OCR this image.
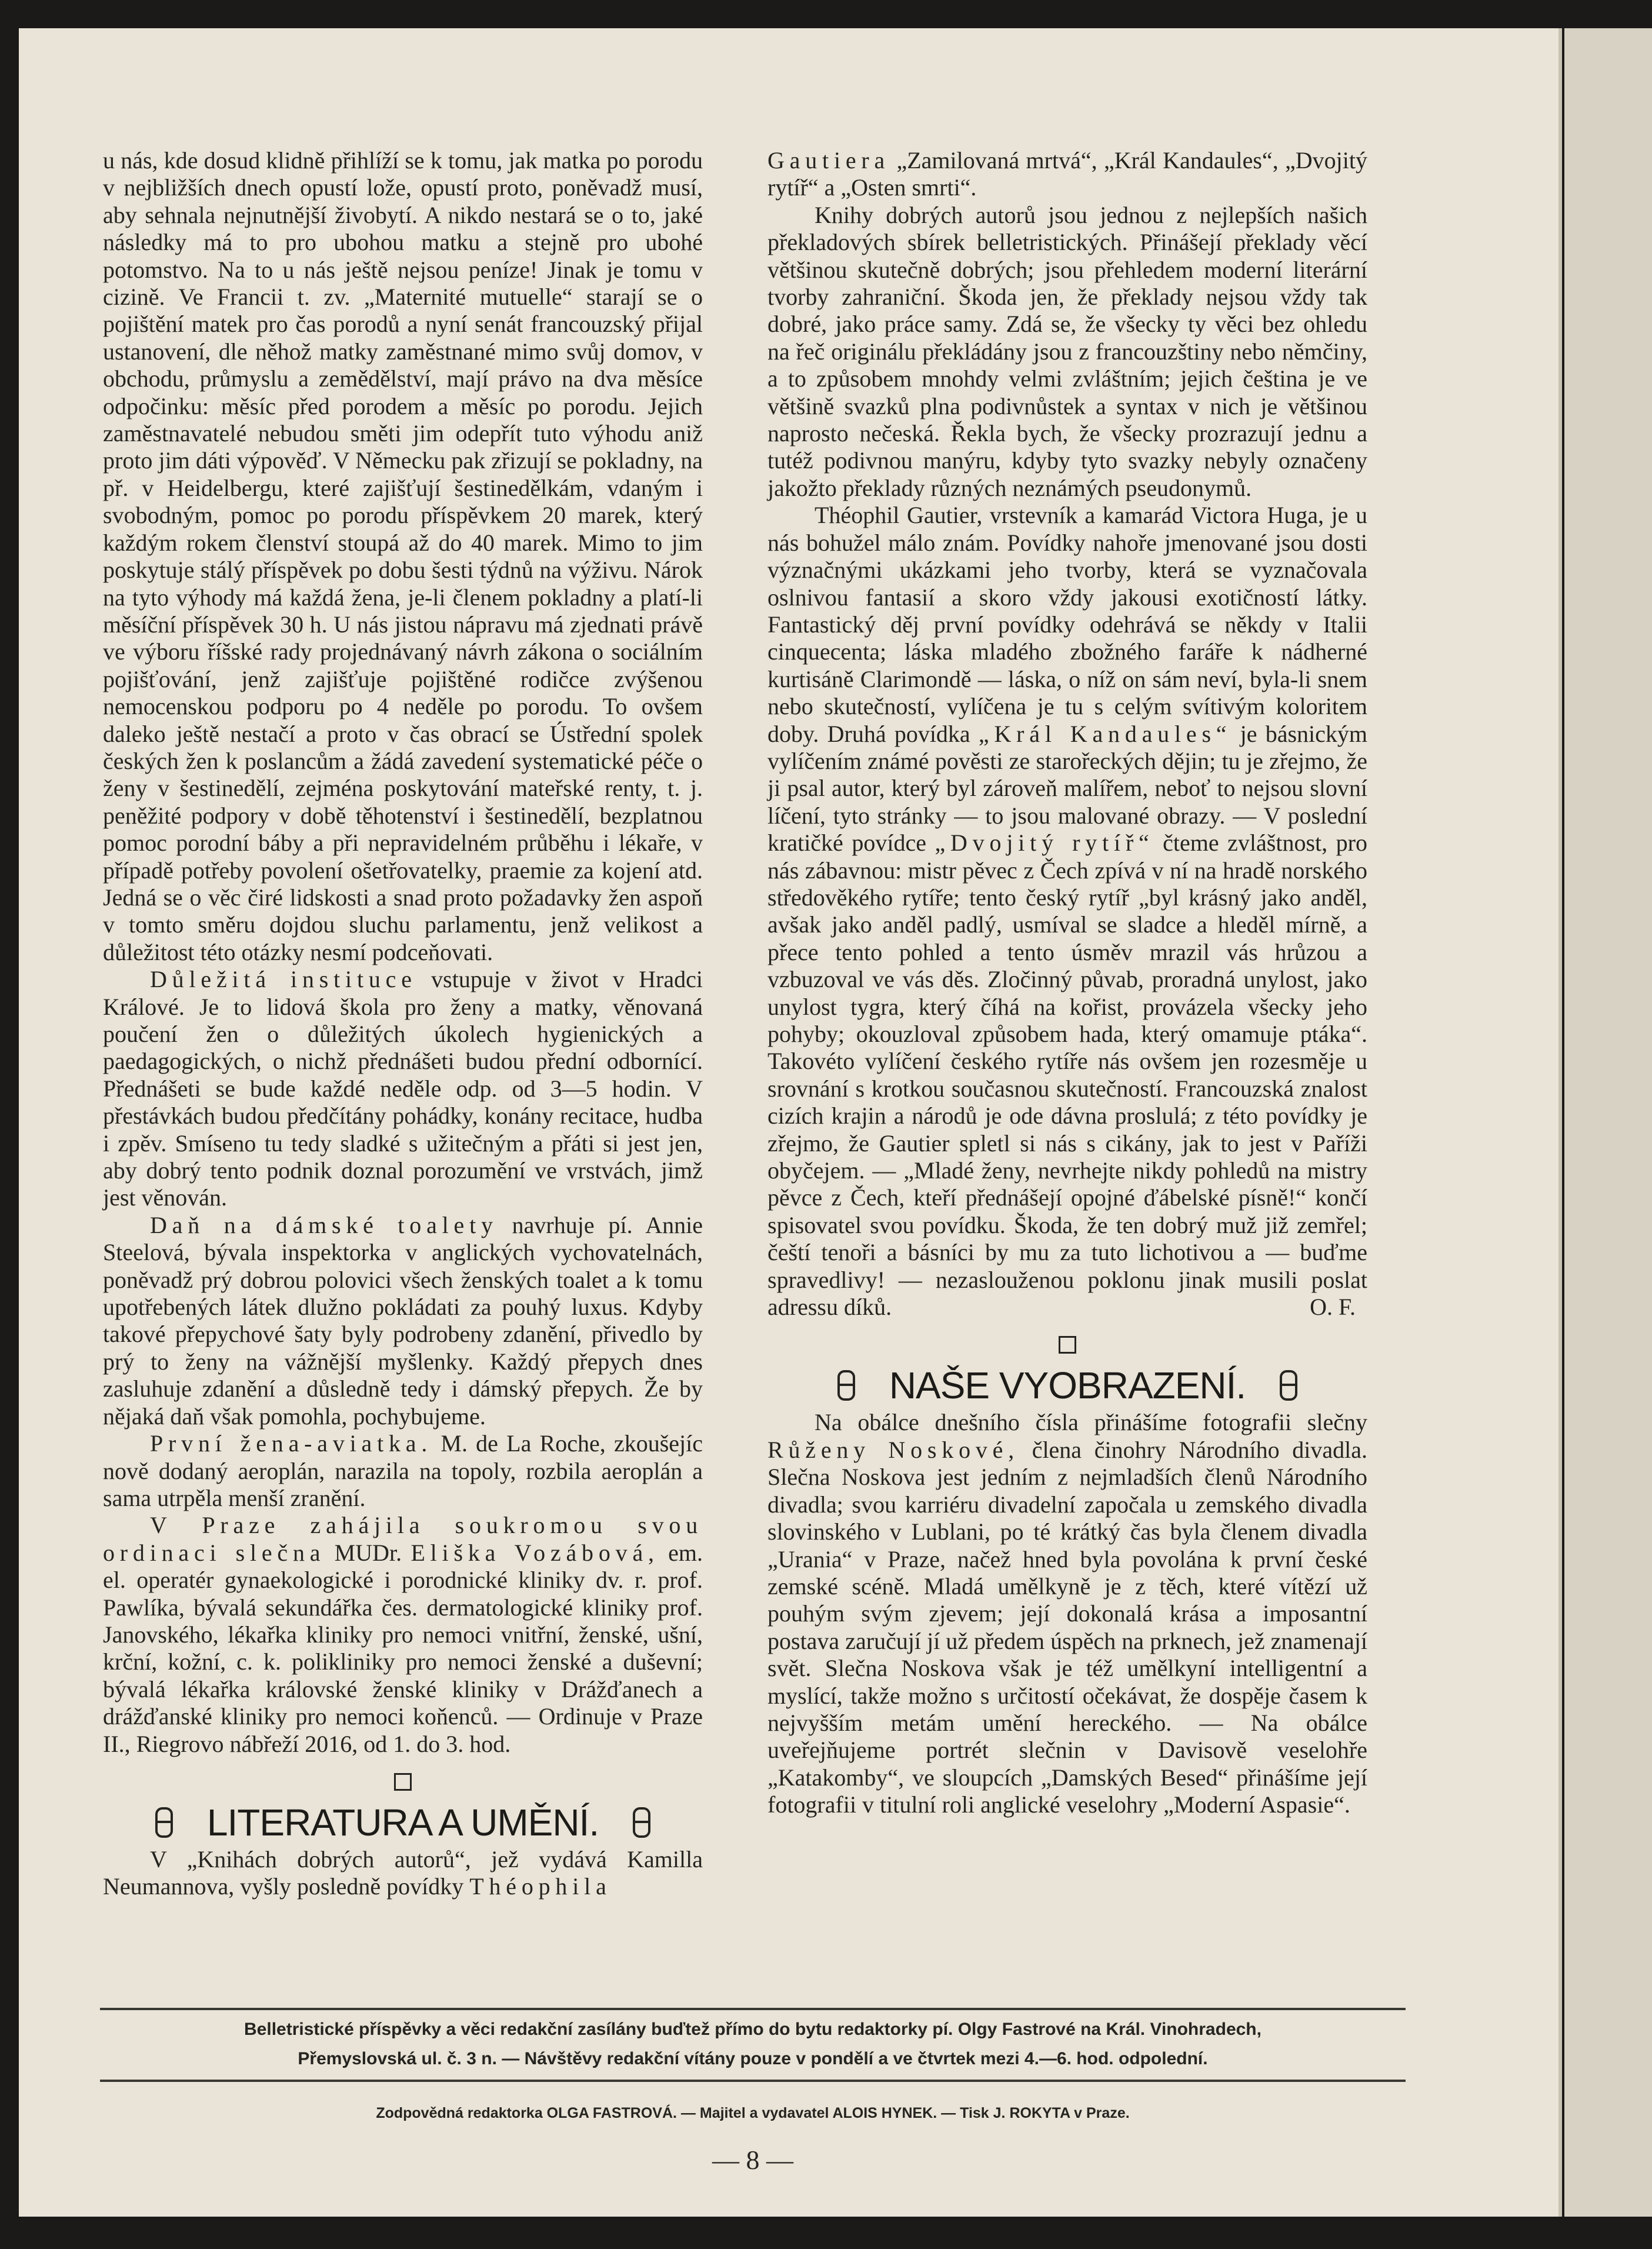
u nás, kde dosud klidně přihlíží se k tomu, jak matka po porodu v nejbližších dnech opustí lože, opustí proto, poněvadž musí, aby sehnala nejnutnější živobytí. A nikdo nestará se o to, jaké následky má to pro ubohou matku a stejně pro ubohé potomstvo. Na to u nás ještě nejsou peníze! Jinak je tomu v cizině. Ve Francii t. zv. „Maternité mutuelle“ starají se o pojištění matek pro čas porodů a nyní senát francouzský přijal ustanovení, dle něhož matky zaměstnané mimo svůj domov, v obchodu, průmyslu a zemědělství, mají právo na dva měsíce odpočinku: měsíc před porodem a měsíc po porodu. Jejich zaměstnavatelé nebudou směti jim odepřít tuto výhodu aniž proto jim dáti výpověď. V Německu pak zřizují se pokladny, na př. v Heidelbergu, které zajišťují šestinedělkám, vdaným i svobodným, pomoc po porodu příspěvkem 20 marek, který každým rokem členství stoupá až do 40 marek. Mimo to jim poskytuje stálý příspěvek po dobu šesti týdnů na výživu. Nárok na tyto výhody má každá žena, je-li členem pokladny a platí-li měsíční příspěvek 30 h. U nás jistou nápravu má zjednati právě ve výboru říšské rady projednávaný návrh zákona o sociálním pojišťování, jenž zajišťuje pojištěné rodičce zvýšenou nemocenskou podporu po 4 neděle po porodu. To ovšem daleko ještě nestačí a proto v čas obrací se Ústřední spolek českých žen k poslancům a žádá zavedení systematické péče o ženy v šestinedělí, zejména poskytování mateřské renty, t. j. peněžité podpory v době těhotenství i šestinedělí, bezplatnou pomoc porodní báby a při nepravidelném průběhu i lékaře, v případě potřeby povolení ošetřovatelky, praemie za kojení atd. Jedná se o věc čiré lidskosti a snad proto požadavky žen aspoň v tomto směru dojdou sluchu parlamentu, jenž velikost a důležitost této otázky nesmí podceňovati.

Důležitá instituce vstupuje v život v Hradci Králové. Je to lidová škola pro ženy a matky, věnovaná poučení žen o důležitých úkolech hygienických a paedagogických, o nichž přednášeti budou přední odbornící. Přednášeti se bude každé neděle odp. od 3—5 hodin. V přestávkách budou předčítány pohádky, konány recitace, hudba i zpěv. Smíseno tu tedy sladké s užitečným a přáti si jest jen, aby dobrý tento podnik doznal porozumění ve vrstvách, jimž jest věnován.

Daň na dámské toalety navrhuje pí. Annie Steelová, bývala inspektorka v anglických vychovatelnách, poněvadž prý dobrou polovici všech ženských toalet a k tomu upotřebených látek dlužno pokládati za pouhý luxus. Kdyby takové přepychové šaty byly podrobeny zdanění, přivedlo by prý to ženy na vážnější myšlenky. Každý přepych dnes zasluhuje zdanění a důsledně tedy i dámský přepych. Že by nějaká daň však pomohla, pochybujeme.

První žena-aviatka. M. de La Roche, zkoušejíc nově dodaný aeroplán, narazila na topoly, rozbila aeroplán a sama utrpěla menší zranění.

V Praze zahájila soukromou svou ordinaci slečna MUDr. Eliška Vozábová, em. el. operatér gynaekologické i porodnické kliniky dv. r. prof. Pawlíka, bývalá sekundářka čes. dermatologické kliniky prof. Janovského, lékařka kliniky pro nemoci vnitřní, ženské, ušní, krční, kožní, c. k. polikliniky pro nemoci ženské a duševní; bývalá lékařka královské ženské kliniky v Drážďanech a drážďanské kliniky pro nemoci koňenců. — Ordinuje v Praze II., Riegrovo nábřeží 2016, od 1. do 3. hod.

LITERATURA A UMĚNÍ.

V „Knihách dobrých autorů“, jež vydává Kamilla Neumannova, vyšly posledně povídky Théophila

Gautiera „Zamilovaná mrtvá“, „Král Kandaules“, „Dvojitý rytíř“ a „Osten smrti“.

Knihy dobrých autorů jsou jednou z nejlepších našich překladových sbírek belletristických. Přinášejí překlady věcí většinou skutečně dobrých; jsou přehledem moderní literární tvorby zahraniční. Škoda jen, že překlady nejsou vždy tak dobré, jako práce samy. Zdá se, že všecky ty věci bez ohledu na řeč originálu překládány jsou z francouzštiny nebo němčiny, a to způsobem mnohdy velmi zvláštním; jejich čeština je ve většině svazků plna podivnůstek a syntax v nich je většinou naprosto nečeská. Řekla bych, že všecky prozrazují jednu a tutéž podivnou manýru, kdyby tyto svazky nebyly označeny jakožto překlady různých neznámých pseudonymů.

Théophil Gautier, vrstevník a kamarád Victora Huga, je u nás bohužel málo znám. Povídky nahoře jmenované jsou dosti význačnými ukázkami jeho tvorby, která se vyznačovala oslnivou fantasií a skoro vždy jakousi exotičností látky. Fantastický děj první povídky odehrává se někdy v Italii cinquecenta; láska mladého zbožného faráře k nádherné kurtisáně Clarimondě — láska, o níž on sám neví, byla-li snem nebo skutečností, vylíčena je tu s celým svítivým koloritem doby. Druhá povídka „Král Kandaules“ je básnickým vylíčením známé pověsti ze starořeckých dějin; tu je zřejmo, že ji psal autor, který byl zároveň malířem, neboť to nejsou slovní líčení, tyto stránky — to jsou malované obrazy. — V poslední kratičké povídce „Dvojitý rytíř“ čteme zvláštnost, pro nás zábavnou: mistr pěvec z Čech zpívá v ní na hradě norského středověkého rytíře; tento český rytíř „byl krásný jako anděl, avšak jako anděl padlý, usmíval se sladce a hleděl mírně, a přece tento pohled a tento úsměv mrazil vás hrůzou a vzbuzoval ve vás děs. Zločinný půvab, proradná unylost, jako unylost tygra, který číhá na kořist, provázela všecky jeho pohyby; okouzloval způsobem hada, který omamuje ptáka“. Takovéto vylíčení českého rytíře nás ovšem jen rozesměje u srovnání s krotkou současnou skutečností. Francouzská znalost cizích krajin a národů je ode dávna proslulá; z této povídky je zřejmo, že Gautier spletl si nás s cikány, jak to jest v Paříži obyčejem. — „Mladé ženy, nevrhejte nikdy pohledů na mistry pěvce z Čech, kteří přednášejí opojné ďábelské písně!“ končí spisovatel svou povídku. Škoda, že ten dobrý muž již zemřel; čeští tenoři a básníci by mu za tuto lichotivou a — buďme spravedlivy! — nezaslouženou poklonu jinak musili poslat adressu díků.	O. F.

NAŠE VYOBRAZENÍ.

Na obálce dnešního čísla přinášíme fotografii slečny Růženy Noskové, člena činohry Národního divadla. Slečna Noskova jest jedním z nejmladších členů Národního divadla; svou karriéru divadelní započala u zemského divadla slovinského v Lublani, po té krátký čas byla členem divadla „Urania“ v Praze, načež hned byla povolána k první české zemské scéně. Mladá umělkyně je z těch, které vítězí už pouhým svým zjevem; její dokonalá krása a imposantní postava zaručují jí už předem úspěch na prknech, jež znamenají svět. Slečna Noskova však je též umělkyní intelligentní a myslící, takže možno s určitostí očekávat, že dospěje časem k nejvyšším metám umění hereckého. — Na obálce uveřejňujeme portrét slečnin v Davisově veselohře „Katakomby“, ve sloupcích „Damských Besed“ přinášíme její fotografii v titulní roli anglické veselohry „Moderní Aspasie“.

Belletristické příspěvky a věci redakční zasílány buďtež přímo do bytu redaktorky pí. Olgy Fastrové na Král. Vinohradech,
Přemyslovská ul. č. 3 n. — Návštěvy redakční vítány pouze v pondělí a ve čtvrtek mezi 4.—6. hod. odpolední.
Zodpovědná redaktorka OLGA FASTROVÁ. — Majitel a vydavatel ALOIS HYNEK. — Tisk J. ROKYTA v Praze.
— 8 —
